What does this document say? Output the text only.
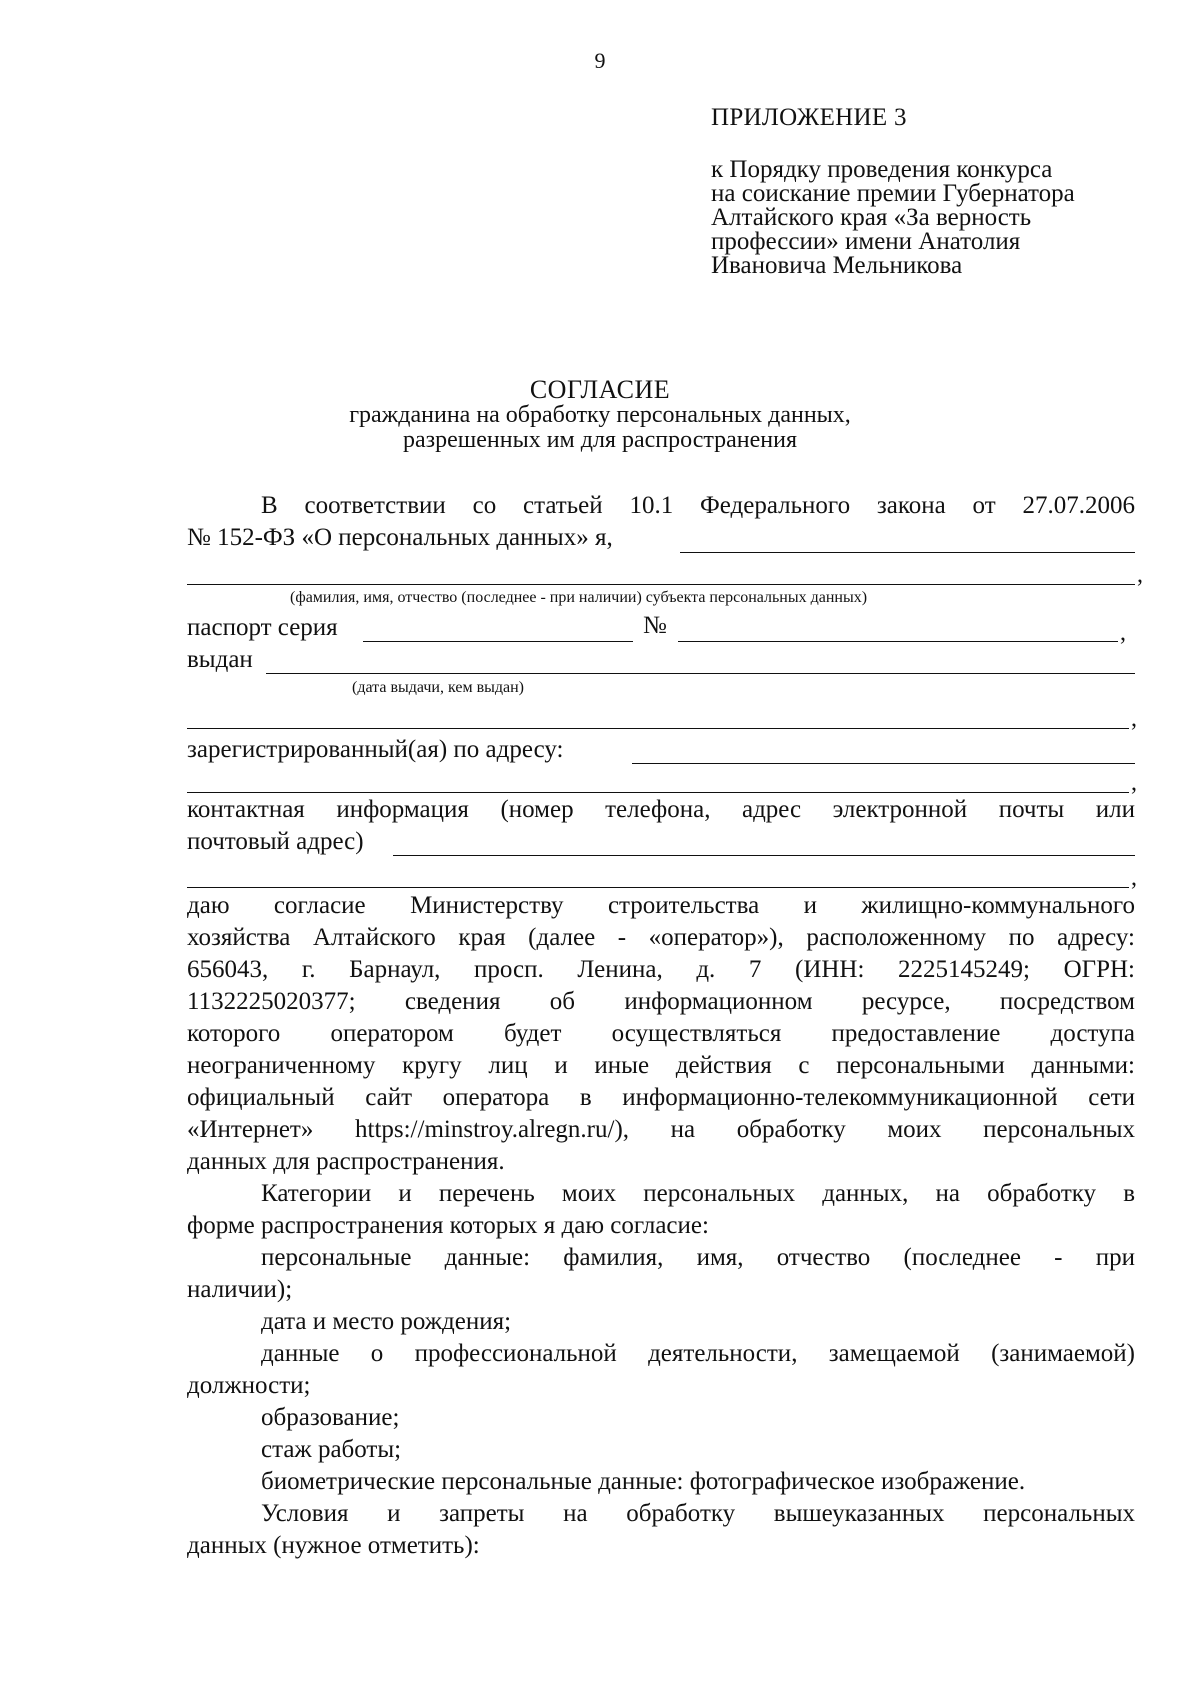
9
ПРИЛОЖЕНИЕ 3
к Порядку проведения конкурса
на соискание премии Губернатора
Алтайского края «За верность
профессии» имени Анатолия
Ивановича Мельникова
СОГЛАСИЕ
гражданина на обработку персональных данных,
разрешенных им для распространения
В соответствии со статьей 10.1 Федерального закона от 27.07.2006
№ 152-ФЗ «О персональных данных» я,
,
(фамилия, имя, отчество (последнее - при наличии) субъекта персональных данных)
паспорт серия	№	,
выдан
(дата выдачи, кем выдан)
,
зарегистрированный(ая) по адресу:
,
контактная информация (номер телефона, адрес электронной почты или
почтовый адрес)
,
даю согласие Министерству строительства и жилищно-коммунального
хозяйства Алтайского края (далее - «оператор»), расположенному по адресу:
656043, г. Барнаул, просп. Ленина, д. 7 (ИНН: 2225145249; ОГРН:
1132225020377; сведения об информационном ресурсе, посредством
которого оператором будет осуществляться предоставление доступа
неограниченному кругу лиц и иные действия с персональными данными:
официальный сайт оператора в информационно-телекоммуникационной сети
«Интернет» https://minstroy.alregn.ru/), на обработку моих персональных
данных для распространения.
Категории и перечень моих персональных данных, на обработку в
форме распространения которых я даю согласие:
персональные данные: фамилия, имя, отчество (последнее - при
наличии);
дата и место рождения;
данные о профессиональной деятельности, замещаемой (занимаемой)
должности;
образование;
стаж работы;
биометрические персональные данные: фотографическое изображение.
Условия и запреты на обработку вышеуказанных персональных
данных (нужное отметить):
